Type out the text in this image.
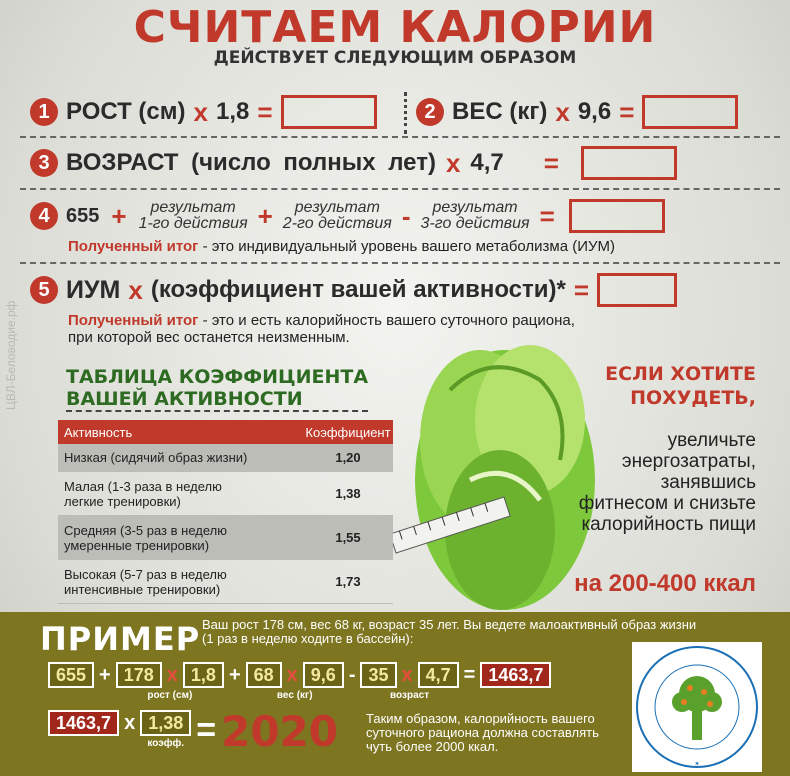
СЧИТАЕМ КАЛОРИИ
ДЕЙСТВУЕТ СЛЕДУЮЩИМ ОБРАЗОМ
1 РОСТ (см) x 1,8 =	2 ВЕС (кг) x 9,6 =
3 ВОЗРАСТ (число полных лет) x 4,7 =
4 655 + результат
1-го действия + результат
2-го действия - результат
3-го действия =
Полученный итог - это индивидуальный уровень вашего метаболизма (ИУМ)
5 ИУМ x (коэффициент вашей активности)* =
Полученный итог - это и есть калорийность вашего суточного рациона,
при которой вес останется неизменным.
ТАБЛИЦА КОЭФФИЦИЕНТА
ВАШЕЙ АКТИВНОСТИ
Активность	Коэффициент
Низкая (сидячий образ жизни)	1,20
Малая (1-3 раза в неделю
легкие тренировки)	1,38
Средняя (3-5 раз в неделю
умеренные тренировки)	1,55
Высокая (5-7 раз в неделю
интенсивные тренировки)	1,73
ЕСЛИ ХОТИТЕ
ПОХУДЕТЬ,
увеличьте
энергозатраты,
занявшись
фитнесом и снизьте
калорийность пищи
на 200-400 ккал
ЦВЛ-Беловодие.рф
ПРИМЕР Ваш рост 178 см, вес 68 кг, возраст 35 лет. Вы ведете малоактивный образ жизни
(1 раз в неделю ходите в бассейн):
655 + 178 x 1,8
рост (см)
+ 68 x 9,6
вес (кг)
- 35 x 4,7
возраст
= 1463,7
1463,7 x 1,38
коэфф. = 2020 Таким образом, калорийность вашего
суточного рациона должна составлять
чуть более 2000 ккал.
✶
